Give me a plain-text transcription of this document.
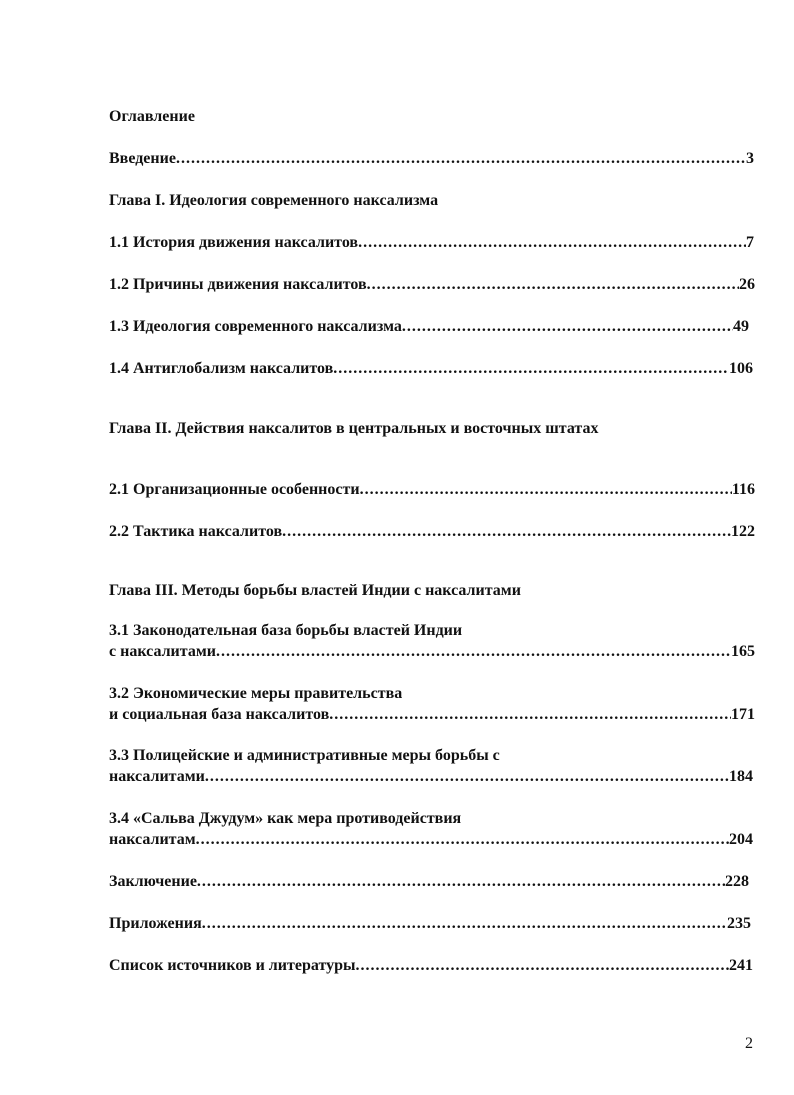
Оглавление
Введение .....	3
Глава I. Идеология современного наксализма
1.1 История движения наксалитов .....	7
1.2 Причины движения наксалитов .....	26
1.3 Идеология современного наксализма .....	49
1.4 Антиглобализм наксалитов .....	106
Глава II. Действия наксалитов в центральных и восточных штатах
2.1 Организационные особенности .....	116
2.2 Тактика наксалитов .....	122
Глава III. Методы борьбы властей Индии с наксалитами
3.1 Законодательная база борьбы властей Индии
с наксалитами .....	165
3.2 Экономические меры правительства
и социальная база наксалитов .....	171
3.3 Полицейские и административные меры борьбы с
наксалитами .....	184
3.4 «Сальва Джудум» как мера противодействия
наксалитам .....	204
Заключение .....	228
Приложения .....	235
Список источников и литературы .....	241
2
